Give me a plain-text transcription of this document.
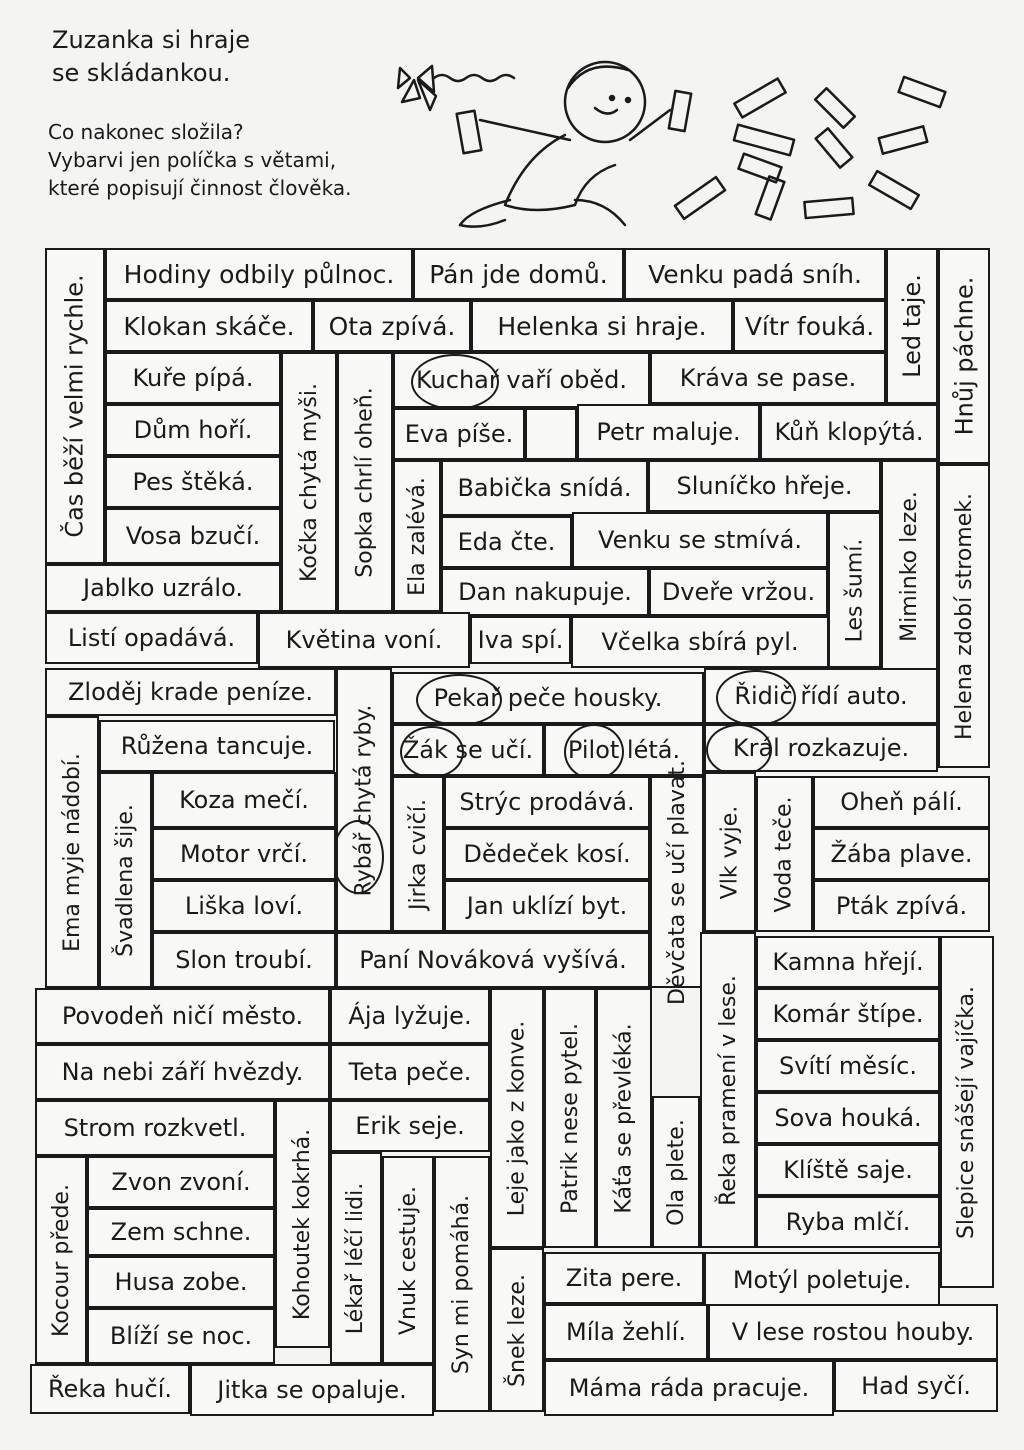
Zuzanka si hraje
se skládankou.

Co nakonec složila?
Vybarvi jen políčka s větami,
které popisují činnost člověka.

Čas běží velmi rychle.
Hodiny odbily půlnoc. Pán jde domů. Venku padá sníh.
Led taje. Hnůj páchne.
Klokan skáče. Ota zpívá. Helenka si hraje. Vítr fouká.
Kuře pípá.
Kočka chytá myši. Sopka chrlí oheň.
Kuchař vaří oběd. Kráva se pase.
Dům hoří.	Eva píše.	Petr maluje. Kůň klopýtá.
Pes štěká.	Ela zalévá. Babička snídá. Sluníčko hřeje.
Miminko leze. Helena zdobí stromek.
Vosa bzučí.	Eda čte. Venku se stmívá. Les šumí.
Jablko uzrálo.	Dan nakupuje. Dveře vržou.
Listí opadává. Květina voní. Iva spí. Včelka sbírá pyl.
Zloděj krade peníze.
Rybář chytá ryby.
Pekař peče housky.	Řidič řídí auto.
Ema myje nádobí.
Růžena tancuje.	Žák se učí. Pilot létá. Král rozkazuje.
Švadlena šije.
Koza mečí.	Jirka cvičí. Strýc prodává. Děvčata se učí plavat. Vlk vyje. Voda teče. Oheň pálí.
Motor vrčí.	Dědeček kosí.	Žába plave.
Liška loví.	Jan uklízí byt.	Pták zpívá.
Slon troubí. Paní Nováková vyšívá.
Řeka pramení v lese.
Kamna hřejí.
Slepice snášejí vajíčka.
Povodeň ničí město. Ája lyžuje.
Leje jako z konve. Patrik nese pytel. Káťa se převléká.
Komár štípe.
Na nebi září hvězdy. Teta peče.	Svítí měsíc.
Strom rozkvetl.
Kohoutek kokrhá.
Erik seje.	Ola plete.
Sova houká.
Kocour přede.
Zvon zvoní.
Lékař léčí lidi. Vnuk cestuje. Syn mi pomáhá.
Klíště saje.
Zem schne.	Ryba mlčí.
Husa zobe.	Šnek leze. Zita pere. Motýl poletuje.
Blíží se noc.	Míla žehlí. V lese rostou houby.
Řeka hučí. Jitka se opaluje.	Máma ráda pracuje. Had syčí.
